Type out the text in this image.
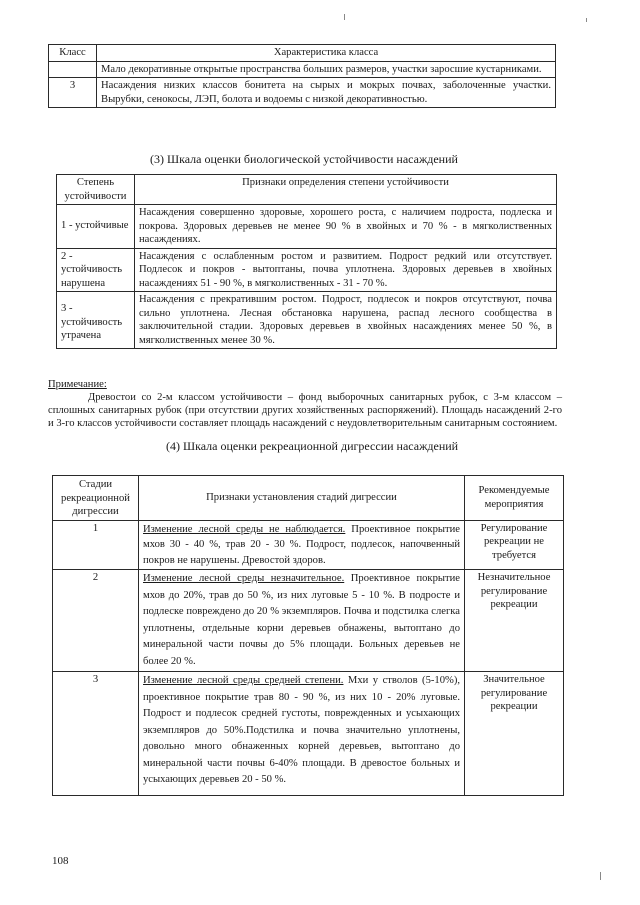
Класс	Характеристика класса
	Мало декоративные открытые пространства больших размеров, участки заросшие кустарниками.
3	Насаждения низких классов бонитета на сырых и мокрых почвах, заболоченные участки. Вырубки, сенокосы, ЛЭП, болота и водоемы с низкой декоративностью.
(3) Шкала оценки биологической устойчивости насаждений
Степень устойчивости	Признаки определения степени устойчивости
1 - устойчивые	Насаждения совершенно здоровые, хорошего роста, с наличием подроста, подлеска и покрова. Здоровых деревьев не менее 90 % в хвойных и 70 % - в мягколиственных насаждениях.
2 - устойчивость нарушена	Насаждения с ослабленным ростом и развитием. Подрост редкий или отсутствует. Подлесок и покров - вытоптаны, почва уплотнена. Здоровых деревьев в хвойных насаждениях 51 - 90 %, в мягколиственных - 31 - 70 %.
3 - устойчивость утрачена	Насаждения с прекратившим ростом. Подрост, подлесок и покров отсутствуют, почва сильно уплотнена. Лесная обстановка нарушена, распад лесного сообщества в заключительной стадии. Здоровых деревьев в хвойных насаждениях менее 50 %, в мягколиственных менее 30 %.
Примечание:
Древостои со 2-м классом устойчивости – фонд выборочных санитарных рубок, с 3-м классом – сплошных санитарных рубок (при отсутствии других хозяйственных распоряжений). Площадь насаждений 2-го и 3-го классов устойчивости составляет площадь насаждений с неудовлетворительным санитарным состоянием.
(4) Шкала оценки рекреационной дигрессии насаждений
Стадии рекреационной дигрессии	Признаки установления стадий дигрессии	Рекомендуемые мероприятия
1	Изменение лесной среды не наблюдается. Проективное покрытие мхов 30 - 40 %, трав 20 - 30 %. Подрост, подлесок, напочвенный покров не нарушены. Древостой здоров.	Регулирование рекреации не требуется
2	Изменение лесной среды незначительное. Проективное покрытие мхов до 20%, трав до 50 %, из них луговые 5 - 10 %. В подросте и подлеске повреждено до 20 % экземпляров. Почва и подстилка слегка уплотнены, отдельные корни деревьев обнажены, вытоптано до минеральной части почвы до 5% площади. Больных деревьев не более 20 %.	Незначительное регулирование рекреации
3	Изменение лесной среды средней степени. Мхи у стволов (5-10%), проективное покрытие трав 80 - 90 %, из них 10 - 20% луговые. Подрост и подлесок средней густоты, поврежденных и усыхающих экземпляров до 50%.Подстилка и почва значительно уплотнены, довольно много обнаженных корней деревьев, вытоптано до минеральной части почвы 6-40% площади. В древостое больных и усыхающих деревьев 20 - 50 %.	Значительное регулирование рекреации
108
